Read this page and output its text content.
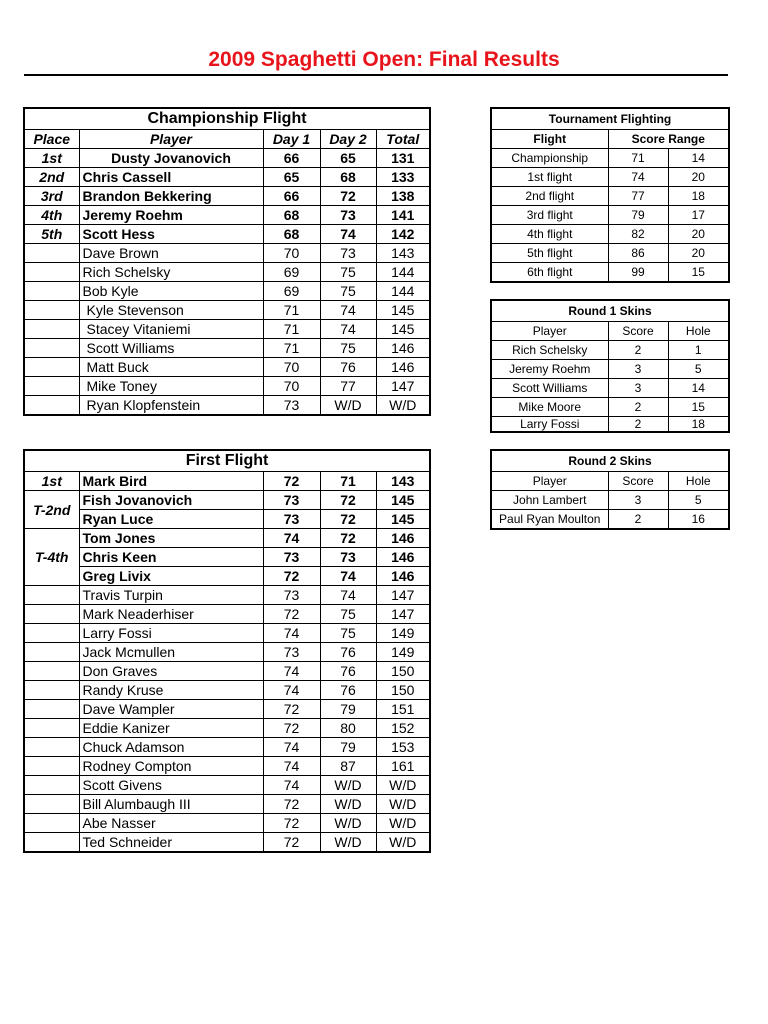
2009 Spaghetti Open: Final Results
Championship Flight				
Place	Player	Day 1	Day 2	Total
1st	Dusty Jovanovich	66	65	131
2nd	Chris Cassell	65	68	133
3rd	Brandon Bekkering	66	72	138
4th	Jeremy Roehm	68	73	141
5th	Scott Hess	68	74	142
	Dave Brown	70	73	143
	Rich Schelsky	69	75	144
	Bob Kyle	69	75	144
	Kyle Stevenson	71	74	145
	Stacey Vitaniemi	71	74	145
	Scott Williams	71	75	146
	Matt Buck	70	76	146
	Mike Toney	70	77	147
	Ryan Klopfenstein	73	W/D	W/D
First Flight				
1st	Mark Bird	72	71	143
T-2nd	Fish Jovanovich	73	72	145
	Ryan Luce	73	72	145
T-4th	Tom Jones	74	72	146
	Chris Keen	73	73	146
	Greg Livix	72	74	146
	Travis Turpin	73	74	147
	Mark Neaderhiser	72	75	147
	Larry Fossi	74	75	149
	Jack Mcmullen	73	76	149
	Don Graves	74	76	150
	Randy Kruse	74	76	150
	Dave Wampler	72	79	151
	Eddie Kanizer	72	80	152
	Chuck Adamson	74	79	153
	Rodney Compton	74	87	161
	Scott Givens	74	W/D	W/D
	Bill Alumbaugh III	72	W/D	W/D
	Abe Nasser	72	W/D	W/D
	Ted Schneider	72	W/D	W/D
Tournament Flighting		
Flight	Score Range	
Championship	71	14
1st flight	74	20
2nd flight	77	18
3rd flight	79	17
4th flight	82	20
5th flight	86	20
6th flight	99	15
Round 1 Skins		
Player	Score	Hole
Rich Schelsky	2	1
Jeremy Roehm	3	5
Scott Williams	3	14
Mike Moore	2	15
Larry Fossi	2	18
Round 2 Skins		
Player	Score	Hole
John Lambert	3	5
Paul Ryan Moulton	2	16
